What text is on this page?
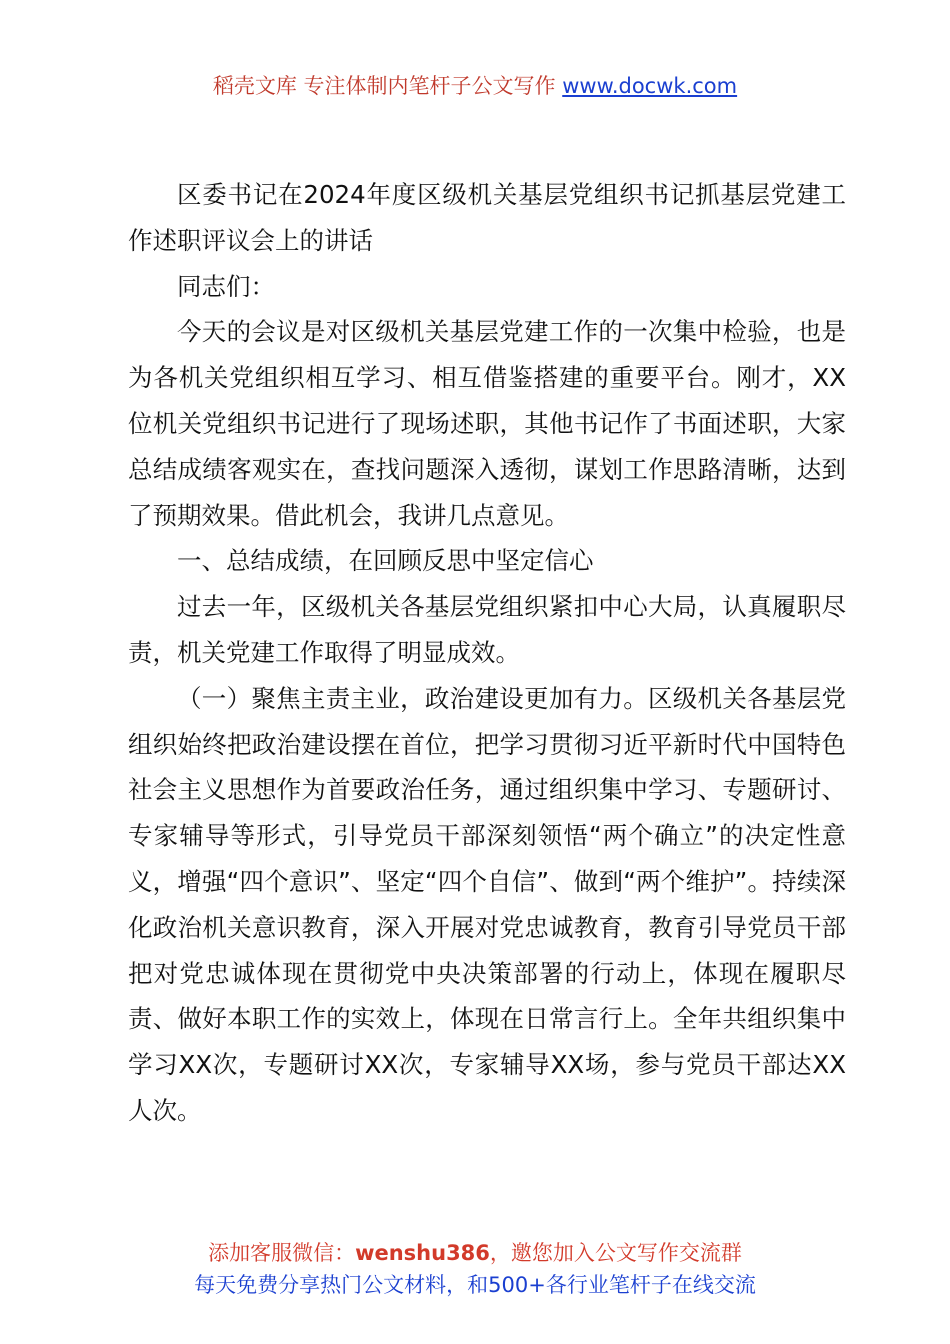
稻壳文库 专注体制内笔杆子公文写作 www.docwk.com

区委书记在2024年度区级机关基层党组织书记抓基层党建工作述职评议会上的讲话

同志们：

今天的会议是对区级机关基层党建工作的一次集中检验，也是为各机关党组织相互学习、相互借鉴搭建的重要平台。刚才，XX位机关党组织书记进行了现场述职，其他书记作了书面述职，大家总结成绩客观实在，查找问题深入透彻，谋划工作思路清晰，达到了预期效果。借此机会，我讲几点意见。

一、总结成绩，在回顾反思中坚定信心

过去一年，区级机关各基层党组织紧扣中心大局，认真履职尽责，机关党建工作取得了明显成效。

（一）聚焦主责主业，政治建设更加有力。区级机关各基层党组织始终把政治建设摆在首位，把学习贯彻习近平新时代中国特色社会主义思想作为首要政治任务，通过组织集中学习、专题研讨、专家辅导等形式，引导党员干部深刻领悟“两个确立”的决定性意义，增强“四个意识”、坚定“四个自信”、做到“两个维护”。持续深化政治机关意识教育，深入开展对党忠诚教育，教育引导党员干部把对党忠诚体现在贯彻党中央决策部署的行动上，体现在履职尽责、做好本职工作的实效上，体现在日常言行上。全年共组织集中学习XX次，专题研讨XX次，专家辅导XX场，参与党员干部达XX人次。

添加客服微信：wenshu386，邀您加入公文写作交流群
每天免费分享热门公文材料，和500+各行业笔杆子在线交流
